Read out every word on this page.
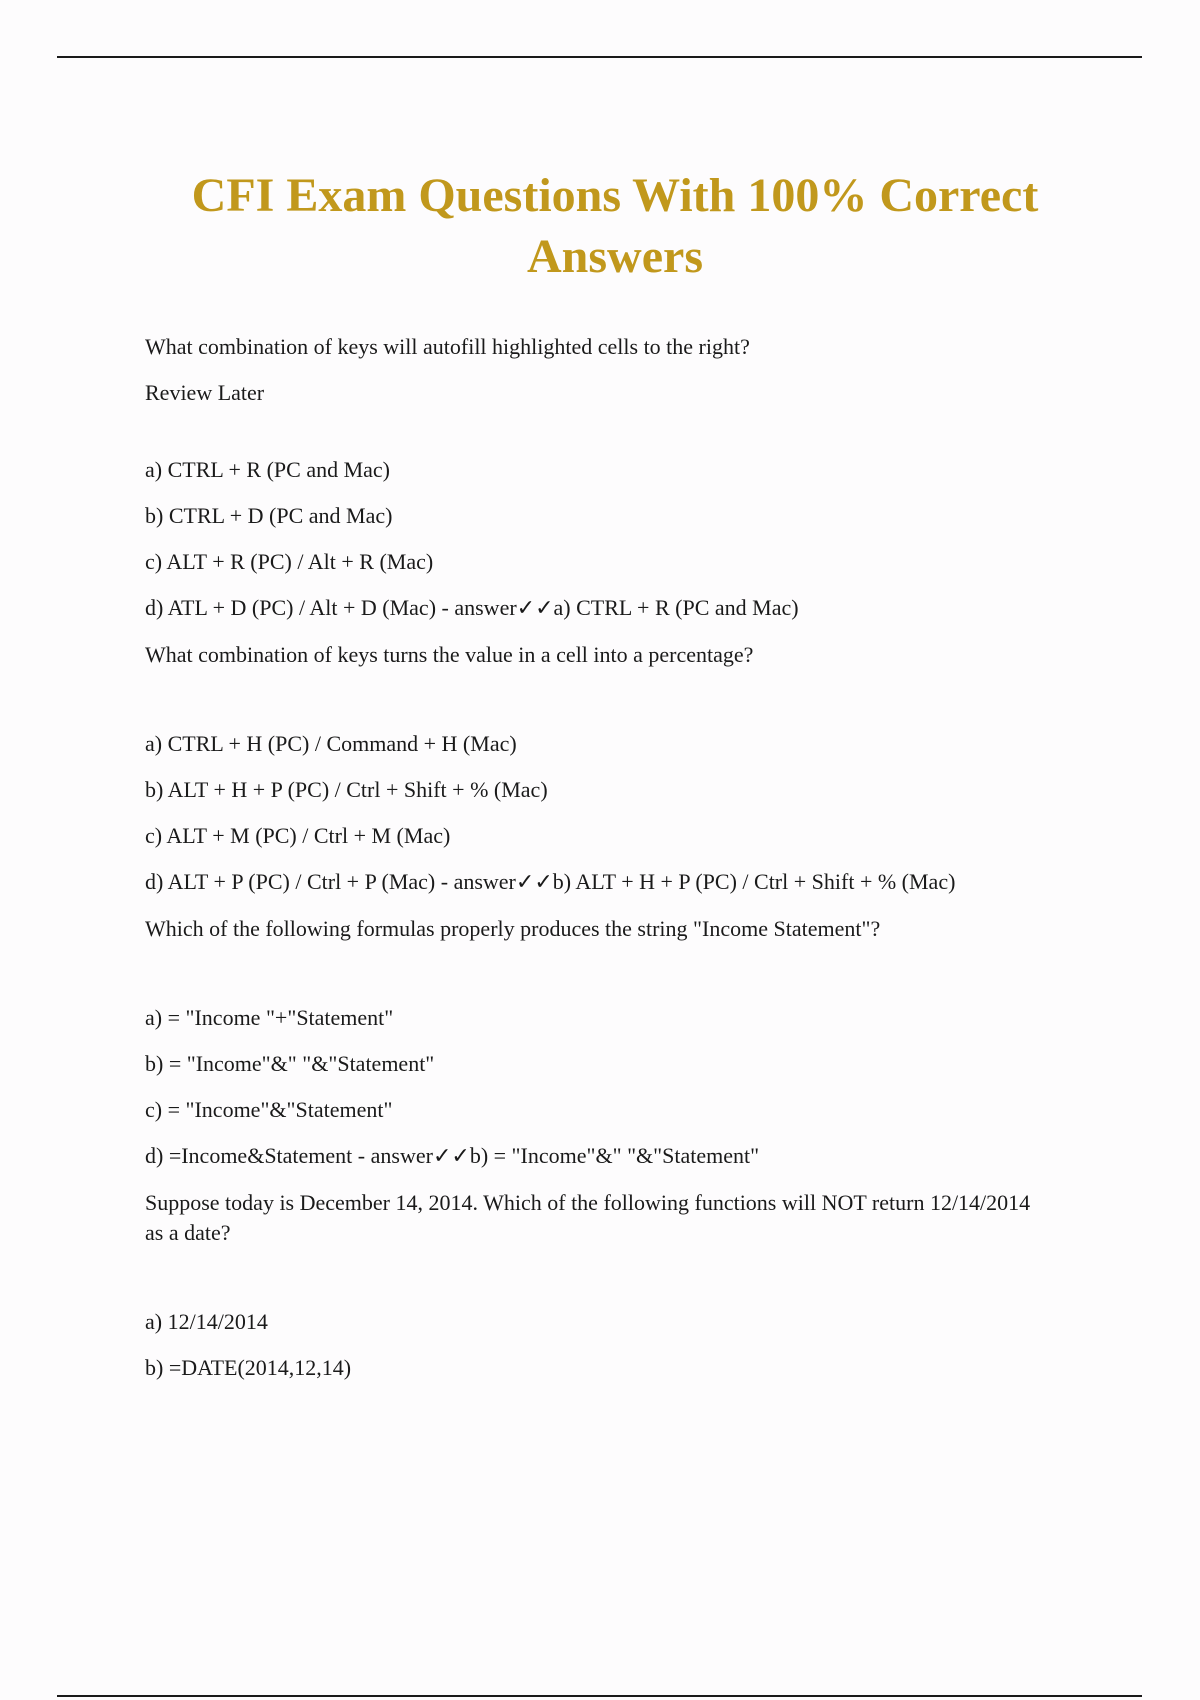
CFI Exam Questions With 100% Correct Answers
What combination of keys will autofill highlighted cells to the right?
Review Later
a) CTRL + R (PC and Mac)
b) CTRL + D (PC and Mac)
c) ALT + R (PC) / Alt + R (Mac)
d) ATL + D (PC) / Alt + D (Mac) - answer✓✓a) CTRL + R (PC and Mac)
What combination of keys turns the value in a cell into a percentage?
a) CTRL + H (PC) / Command + H (Mac)
b) ALT + H + P (PC) / Ctrl + Shift + % (Mac)
c) ALT + M (PC) / Ctrl + M (Mac)
d) ALT + P (PC) / Ctrl + P (Mac) - answer✓✓b) ALT + H + P (PC) / Ctrl + Shift + % (Mac)
Which of the following formulas properly produces the string "Income Statement"?
a) = "Income "+"Statement"
b) = "Income"&" "&"Statement"
c) = "Income"&"Statement"
d) =Income&Statement - answer✓✓b) = "Income"&" "&"Statement"
Suppose today is December 14, 2014. Which of the following functions will NOT return 12/14/2014 as a date?
a) 12/14/2014
b) =DATE(2014,12,14)
